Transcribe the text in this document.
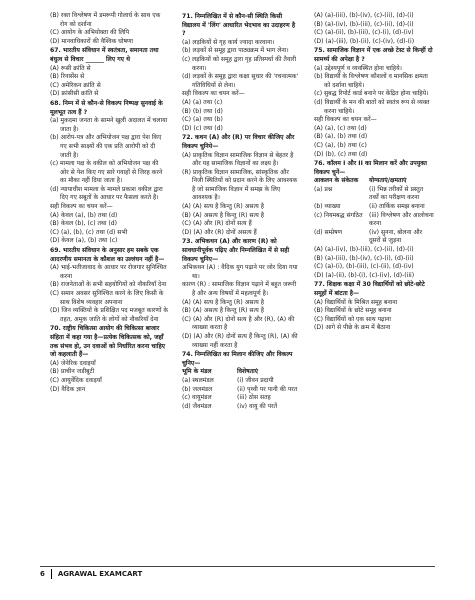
(B) रक्त विश्लेषण में डमरूपी गोलार्ध के साथ एक रोग को दर्शाना
(C) आयोग के अभियोक्ता की लिपि
(D) मानवाधिकारों की वैश्विक घोषणा
67. भारतीय संविधान में स्वतंत्रता, समानता तथा बंधुत्व से विचार ______ लिए गए थे
(A) रूसी क्रांति से
(B) रिनासेंस से
(C) अमेरिकन क्रांति से
(D) फ्रांसीसी क्रांति से
68. निम्न में से कौन-से विकल्प निष्पक्ष सुनवाई के मूलभूत तत्व हैं ?
(a) मुकदमा जनता के सामने खुली अदालत में चलाया जाता है।
(b) आरोप-पत्र और अभियोजन पक्ष द्वारा पेश किए गए सभी साक्ष्यों की एक प्रति आरोपी को दी जाती है।
(c) मामला पक्ष के वकील को अभियोजन पक्ष की ओर से पेश किए गए सारे गवाहों से जिरह करने का मौका नहीं दिया जाता है।
(d) न्यायाधीश मामला के मामले प्रकाश वकील द्वारा दिए गए सबूतों के आधार पर फैसला करते है।
सही विकल्प का चयन करें—
(A) केवल (a), (b) तथा (d)
(B) केवल (b), (c) तथा (d)
(C) (a), (b), (c) तथा (d) सभी
(D) केवल (a), (b) तथा (c)
69. भारतीय संविधान के अनुसार हम सबके एक आदरणीय समानता के कौशल का उल्लंघन नहीं है—
(A) भाई-भतीजावाद के आधार पर रोजगार सुनिश्चित करना
(B) राजनेताओं के सभी सहयोगियों को नौकरियाँ देना
(C) समान अवसर सुनिश्चित करने के लिए किसी के साथ विशेष व्यवहार अपनाना
(D) जिन व्यक्तियों के प्रशिक्षित पद मजबूत कारणों के तहत, अमुक जाति के लोगों को नौकरियाँ देना
70. राष्ट्रीय चिकित्सा आयोग की चिकित्सा बाजार संहिता में कहा गया है—प्रत्येक चिकित्सक को, जहाँ तक संभव हो, उन दवाओं को निर्धारित करना चाहिए जो कहलाती हैं—
(A) जेनेरिक दवाइयाँ
(B) प्राचीन जडीबूटी
(C) आयुर्वेदिक दवाइयाँ
(D) वैदिक ज्ञान
71. निम्नलिखित में से कौन-सी स्थिति किसी विद्यालय में 'लिंग' आधारित भेदभाव का उदाहरण है ?
(a) लड़कियों से गृह कार्य ज्यादा करवाना।
(b) लड़कों से समूह द्वारा पाठ्यक्रम में भाग लेना।
(c) लड़कियों को समूह द्वारा गृह प्रतिस्पर्धा की तैयारी करना।
(d) लड़कों के समूह द्वारा कक्षा सुधार की 'रचनात्मक' गतिविधियों से लेना।
सही विकल्प का चयन करें—
(A) (a) तथा (c)
(B) (b) तथा (d)
(C) (a) तथा (b)
(D) (c) तथा (d)
72. कथन (A) और (R) पर विचार कीजिए और विकल्प चुनिये—
(A) प्राकृतिक विज्ञान सामाजिक विज्ञान से बेहतर है और यह सामाजिक विज्ञानों का लक्ष्य है।
(R) प्राकृतिक विज्ञान सामाजिक, सांस्कृतिक और निजी स्थितियों को प्रदान करने के लिए आवश्यक है जो सामाजिक विज्ञान में समझ के लिए आवश्यक है।
(A) (A) सत्य है किन्तु (R) असत्य है
(B) (A) असत्य है किन्तु (R) सत्य है
(C) (A) और (R) दोनों सत्य हैं
(D) (A) और (R) दोनों असत्य हैं
73. अभिकथन (A) और कारण (R) को सावधानीपूर्वक पढ़िए और निम्नलिखित में से सही विकल्प चुनिए—
अभिकथन (A) : वैदिक युग पढ़ाने पर जोर दिया गया था।
कारण (R) : सामाजिक विज्ञान पढ़ाने में बहुत जरूरी है और अन्य विषयों में महत्वपूर्ण है।
(A) (A) सत्य है किन्तु (R) असत्य है
(B) (A) असत्य है किन्तु (R) सत्य है
(C) (A) और (R) दोनों सत्य है और (R), (A) की व्याख्या करता है
(D) (A) और (R) दोनों सत्य हैं किन्तु (R), (A) की व्याख्या नहीं करता है
74. निम्नलिखित का मिलान कीजिए और विकल्प चुनिए—
भूमि के मंडल	विशेषताएं
(a) स्थलमंडल	(i) जीवन प्रदायी
(b) जलमंडल	(ii) पृथ्वी पर पानी की परत
(c) वायुमंडल	(iii) ठोस सतह
(d) जैवमंडल	(iv) वायु की परतें
(A) (a)-(iii), (b)-(iv), (c)-(ii), (d)-(i)
(B) (a)-(iv), (b)-(iii), (c)-(ii), (d)-(i)
(C) (a)-(ii), (b)-(iii), (c)-(i), (d)-(iv)
(D) (a)-(iii), (b)-(ii), (c)-(iv), (d)-(i)
75. सामाजिक विज्ञान में एक अच्छे टेस्ट से किन्हीं दो सामर्थ्य की अपेक्षा है ?
(a) उद्देश्यपूर्ण व व्यवस्थित होना चाहिये।
(b) विद्यार्थी के विश्लेषण कौशलों व मानसिक क्षमता को दर्शाना चाहिये।
(c) सुबद्ध रिपोर्ट कार्ड बनाने पर केंद्रित होना चाहिये।
(d) विद्यार्थी के मन की बातों को स्वतंत्र रूप से व्यक्त करना चाहिये।
सही विकल्प का चयन करें—
(A) (a), (c) तथा (d)
(B) (a), (b) तथा (d)
(C) (a), (b) तथा (c)
(D) (b), (c) तथा (d)
76. कॉलम I और II का मिलान करें और उपयुक्त विकल्प चुनें—
आकलन के संकेतक	योग्यताएं/क्षमताएं
(a) प्रश्न	(i) भिन्न तरीकों से प्रस्तुत तर्कों का परीक्षण करना
(b) व्याख्या	(ii) तार्किक समझ बनाना
(c) नियमबद्ध संगठित	(iii) विश्लेषण और आलोचना करना
(d) सम्प्रेषण	(iv) सुनना, बोलना और दूसरों से जुड़ना
(A) (a)-(iv), (b)-(iii), (c)-(ii), (d)-(i)
(B) (a)-(iii), (b)-(iv), (c)-(i), (d)-(ii)
(C) (a)-(i), (b)-(iii), (c)-(ii), (d)-(iv)
(D) (a)-(ii), (b)-(i), (c)-(iv), (d)-(iii)
77. शिक्षक कक्षा में 30 विद्यार्थियों को छोटे-छोटे समूहों में बांटता है—
(A) विद्यार्थियों के मिश्रित समूह बनाना
(B) विद्यार्थियों के छोटे समूह बनाना
(C) विद्यार्थियों को एक साथ पढ़ाना
(D) आगे से पीछे के क्रम में बैठाना
6 AGRAWAL EXAMCART
